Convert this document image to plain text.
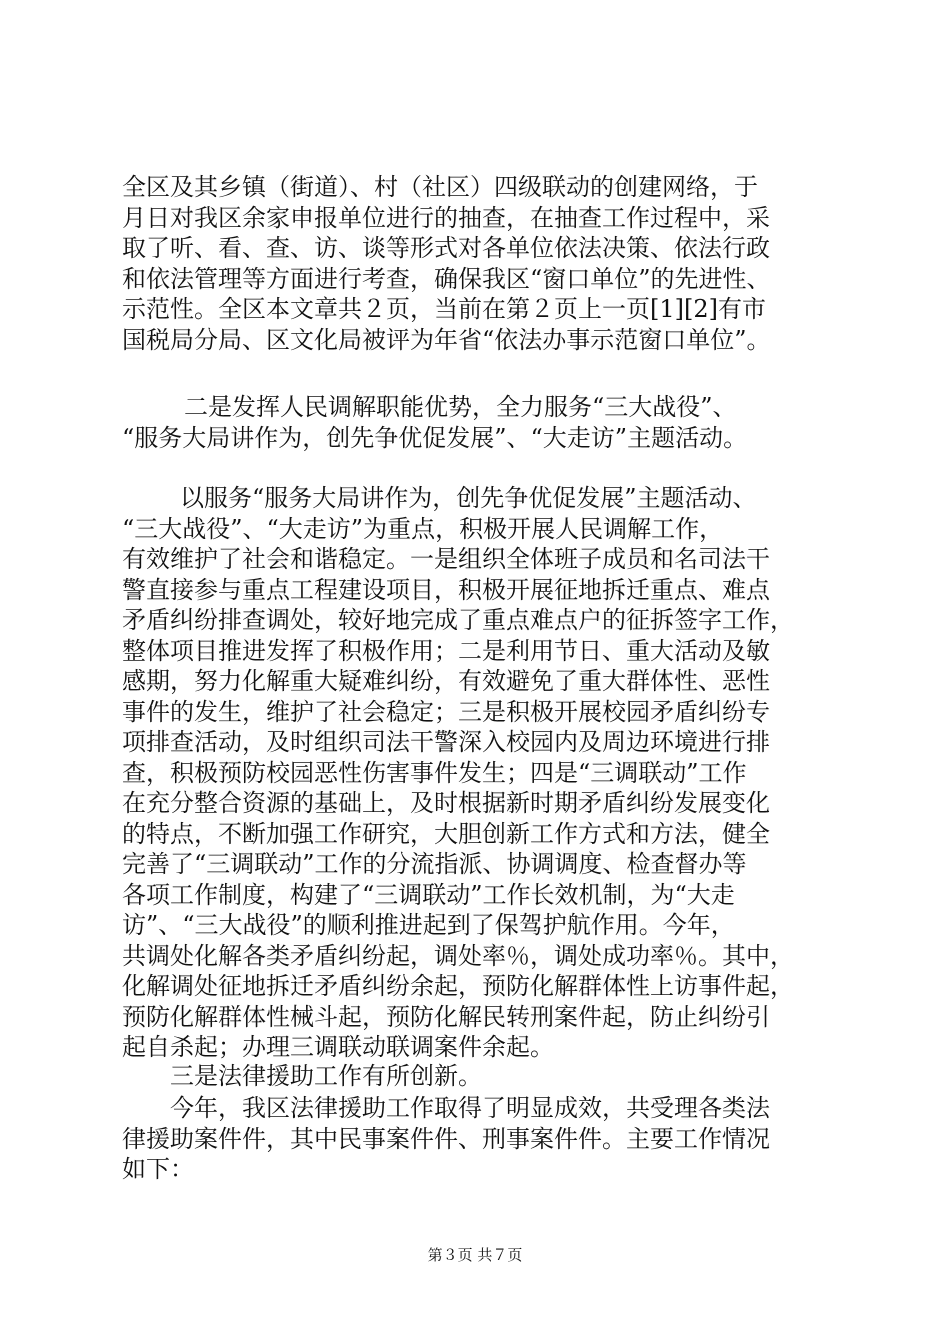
全区及其乡镇（街道）、村（社区）四级联动的创建网络，于
月日对我区余家申报单位进行的抽查，在抽查工作过程中，采
取了听、看、查、访、谈等形式对各单位依法决策、依法行政
和依法管理等方面进行考查，确保我区“窗口单位”的先进性、
示范性。全区本文章共２页，当前在第２页上一页[1][2]有市
国税局分局、区文化局被评为年省“依法办事示范窗口单位”。
二是发挥人民调解职能优势，全力服务“三大战役”、
“服务大局讲作为，创先争优促发展”、“大走访”主题活动。
以服务“服务大局讲作为，创先争优促发展”主题活动、
“三大战役”、“大走访”为重点，积极开展人民调解工作，
有效维护了社会和谐稳定。一是组织全体班子成员和名司法干
警直接参与重点工程建设项目，积极开展征地拆迁重点、难点
矛盾纠纷排查调处，较好地完成了重点难点户的征拆签字工作，
整体项目推进发挥了积极作用；二是利用节日、重大活动及敏
感期，努力化解重大疑难纠纷，有效避免了重大群体性、恶性
事件的发生，维护了社会稳定；三是积极开展校园矛盾纠纷专
项排查活动，及时组织司法干警深入校园内及周边环境进行排
查，积极预防校园恶性伤害事件发生；四是“三调联动”工作
在充分整合资源的基础上，及时根据新时期矛盾纠纷发展变化
的特点，不断加强工作研究，大胆创新工作方式和方法，健全
完善了“三调联动”工作的分流指派、协调调度、检查督办等
各项工作制度，构建了“三调联动”工作长效机制，为“大走
访”、“三大战役”的顺利推进起到了保驾护航作用。今年，
共调处化解各类矛盾纠纷起，调处率％，调处成功率％。其中，
化解调处征地拆迁矛盾纠纷余起，预防化解群体性上访事件起，
预防化解群体性械斗起，预防化解民转刑案件起，防止纠纷引
起自杀起；办理三调联动联调案件余起。
三是法律援助工作有所创新。
今年，我区法律援助工作取得了明显成效，共受理各类法
律援助案件件，其中民事案件件、刑事案件件。主要工作情况
如下：
第３页 共７页
